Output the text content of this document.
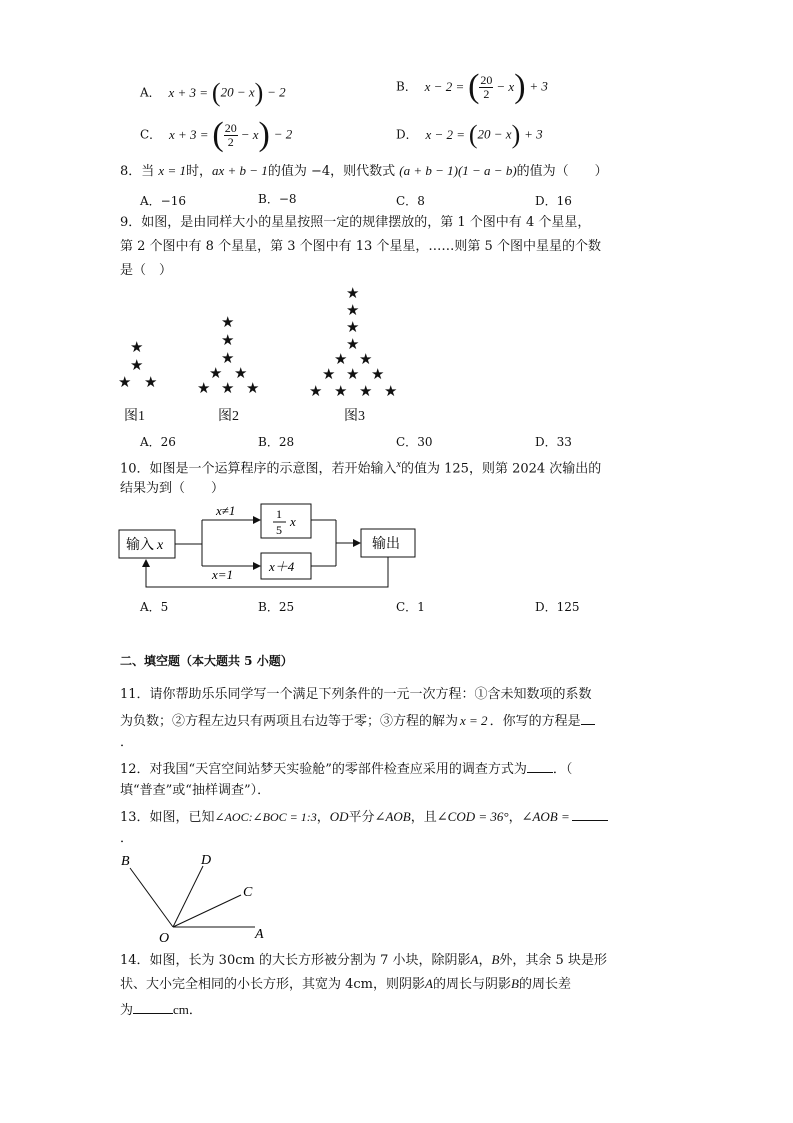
A． x + 3 = (20 − x) − 2	B． x − 2 = ( $\frac{20}{2} - x) + 3$
C． x + 3 = ( $\frac{20}{2} - x) - 2$	D． x − 2 = (20 − x) + 3
8．当 x = 1时，ax + b − 1的值为 −4，则代数式 (a + b − 1)(1 − a − b)的值为（　　）
A．−16	B．−8	C．8	D．16
9．如图，是由同样大小的星星按照一定的规律摆放的，第 1 个图中有 4 个星星，
第 2 个图中有 8 个星星，第 3 个图中有 13 个星星，……则第 5 个图中星星的个数
是（　）
★
★
★ ★
★
★
★
★ ★
★ ★ ★
★
★
★
★
★ ★
★ ★ ★
★ ★ ★ ★
图1	图2	图3
A．26	B．28	C．30	D．33
10．如图是一个运算程序的示意图，若开始输入$^x$的值为 125，则第 2024 次输出的
结果为到（　　）
输入 x
x≠1
x=1
1
5
x
x＋4
输出
A．5	B．25	C．1	D．125
二、填空题（本大题共 5 小题）
11．请你帮助乐乐同学写一个满足下列条件的一元一次方程：①含未知数项的系数
为负数；②方程左边只有两项且右边等于零；③方程的解为 x = 2 ．你写的方程是
．
12．对我国“天宫空间站梦天实验舱”的零部件检查应采用的调查方式为 ．（
填“普查”或“抽样调查”）．
13．如图，已知∠AOC:∠BOC = 1:3，OD平分∠AOB，且∠COD = 36°，∠AOB =
．
B	D
C
O	A
14．如图，长为 30cm 的大长方形被分割为 7 小块，除阴影A，B外，其余 5 块是形
状、大小完全相同的小长方形，其宽为 4cm，则阴影A的周长与阴影B的周长差
为	cm．
